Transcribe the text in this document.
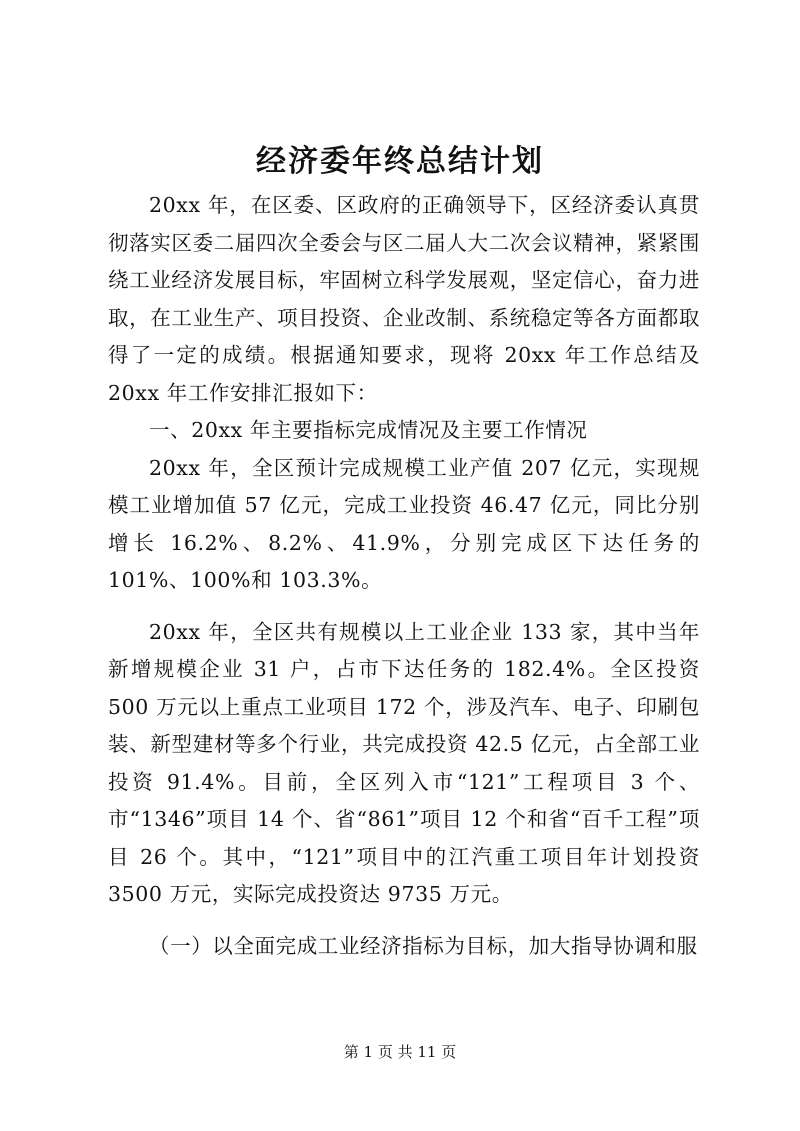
经济委年终总结计划

20xx 年，在区委、区政府的正确领导下，区经济委认真贯彻落实区委二届四次全委会与区二届人大二次会议精神，紧紧围绕工业经济发展目标，牢固树立科学发展观，坚定信心，奋力进取，在工业生产、项目投资、企业改制、系统稳定等各方面都取得了一定的成绩。根据通知要求，现将 20xx 年工作总结及 20xx 年工作安排汇报如下：

一、20xx 年主要指标完成情况及主要工作情况

20xx 年，全区预计完成规模工业产值 207 亿元，实现规模工业增加值 57 亿元，完成工业投资 46.47 亿元，同比分别增长 16.2%、8.2%、41.9%，分别完成区下达任务的 101%、100%和 103.3%。

20xx 年，全区共有规模以上工业企业 133 家，其中当年新增规模企业 31 户，占市下达任务的 182.4%。全区投资 500 万元以上重点工业项目 172 个，涉及汽车、电子、印刷包装、新型建材等多个行业，共完成投资 42.5 亿元，占全部工业投资 91.4%。目前，全区列入市“121”工程项目 3 个、市“1346”项目 14 个、省“861”项目 12 个和省“百千工程”项目 26 个。其中，“121”项目中的江汽重工项目年计划投资 3500 万元，实际完成投资达 9735 万元。

（一）以全面完成工业经济指标为目标，加大指导协调和服

第 1 页 共 11 页
